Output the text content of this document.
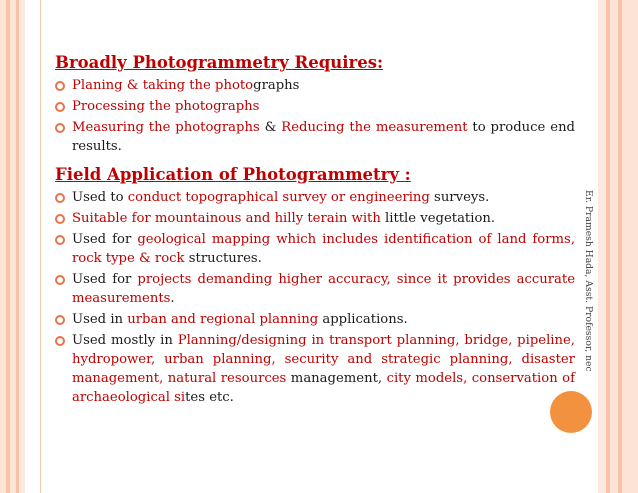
Broadly Photogrammetry Requires:
Planing & taking the photographs
Processing the photographs
Measuring the photographs & Reducing the measurement to produce end results.
Field Application of Photogrammetry :
Used to conduct topographical survey or engineering surveys.
Suitable for mountainous and hilly terain with little vegetation.
Used for geological mapping which includes identification of land forms, rock type & rock structures.
Used for projects demanding higher accuracy, since it provides accurate measurements.
Used in urban and regional planning applications.
Used mostly in Planning/designing in transport planning, bridge, pipeline, hydropower, urban planning, security and strategic planning, disaster management, natural resources management, city models, conservation of archaeological sites etc.
Er. Pramesh Hada, Asst. Professor, nec
